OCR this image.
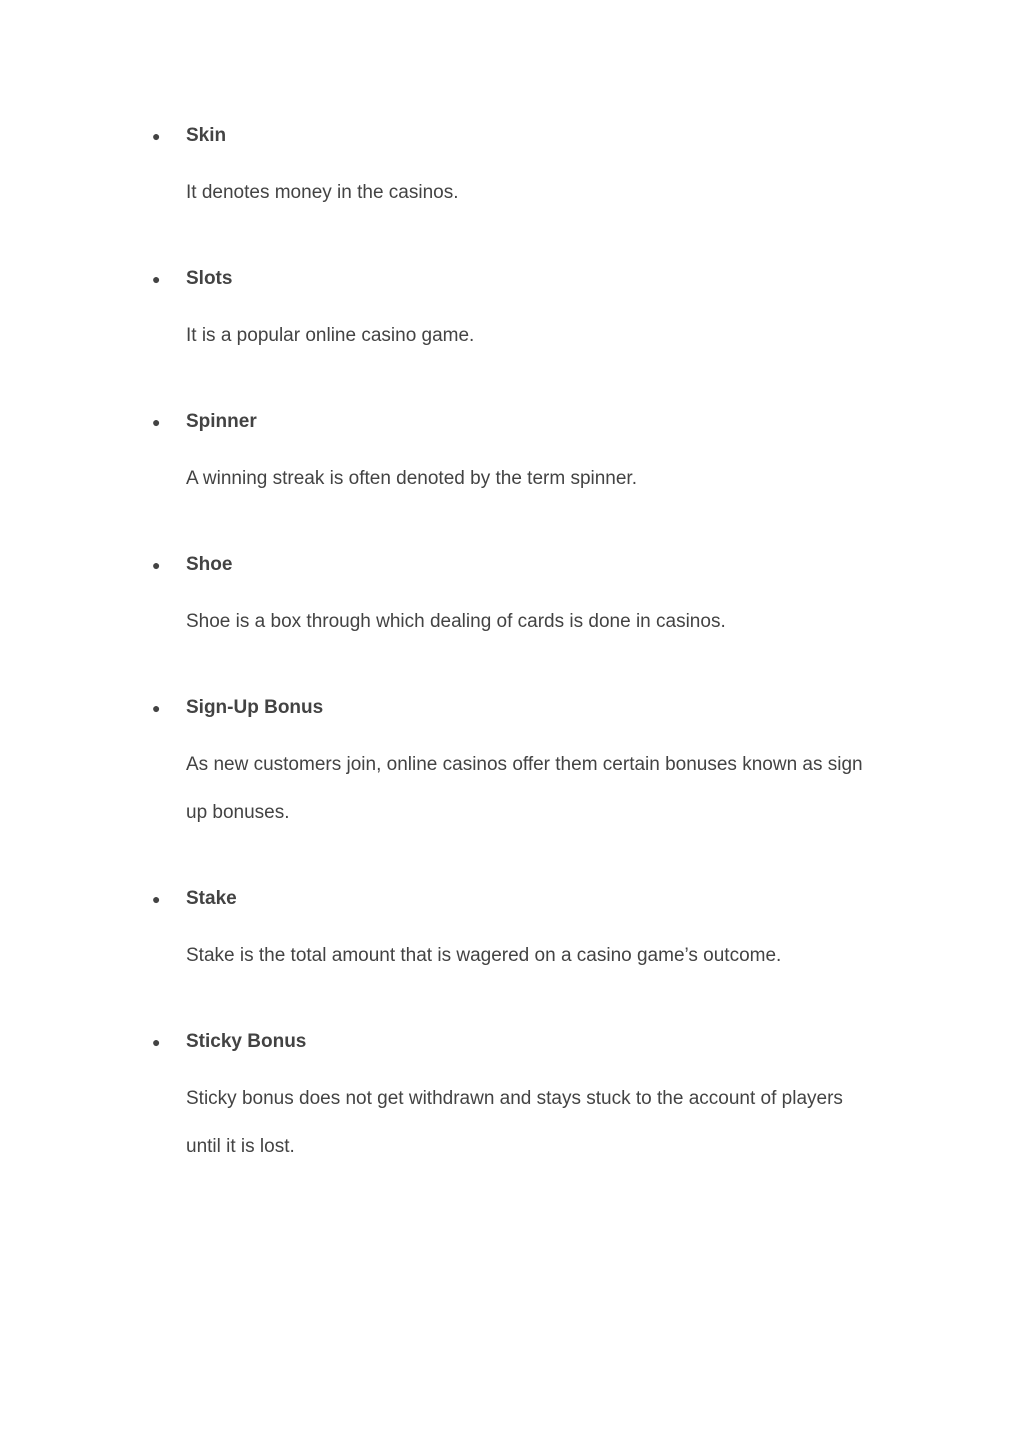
● Skin

It denotes money in the casinos.

● Slots

It is a popular online casino game.

● Spinner

A winning streak is often denoted by the term spinner.

● Shoe

Shoe is a box through which dealing of cards is done in casinos.

● Sign-Up Bonus

As new customers join, online casinos offer them certain bonuses known as sign
up bonuses.

● Stake

Stake is the total amount that is wagered on a casino game’s outcome.

● Sticky Bonus

Sticky bonus does not get withdrawn and stays stuck to the account of players
until it is lost.
